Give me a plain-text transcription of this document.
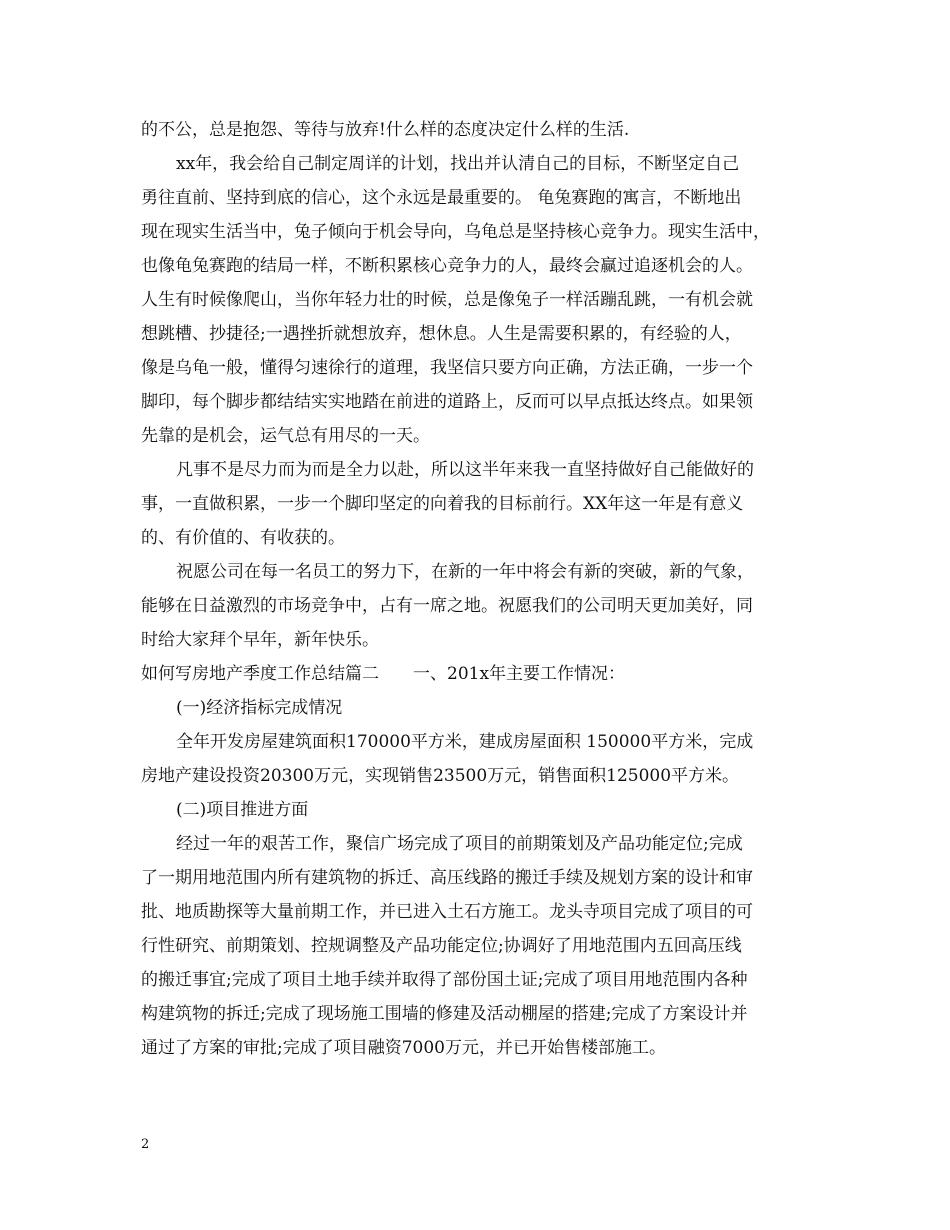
的不公，总是抱怨、等待与放弃!什么样的态度决定什么样的生活.
xx年，我会给自己制定周详的计划，找出并认清自己的目标，不断坚定自己
勇往直前、坚持到底的信心，这个永远是最重要的。 龟兔赛跑的寓言，不断地出
现在现实生活当中，兔子倾向于机会导向，乌龟总是坚持核心竞争力。现实生活中，
也像龟兔赛跑的结局一样，不断积累核心竞争力的人，最终会赢过追逐机会的人。
人生有时候像爬山，当你年轻力壮的时候，总是像兔子一样活蹦乱跳，一有机会就
想跳槽、抄捷径;一遇挫折就想放弃，想休息。人生是需要积累的，有经验的人，
像是乌龟一般，懂得匀速徐行的道理，我坚信只要方向正确，方法正确，一步一个
脚印，每个脚步都结结实实地踏在前进的道路上，反而可以早点抵达终点。如果领
先靠的是机会，运气总有用尽的一天。
凡事不是尽力而为而是全力以赴，所以这半年来我一直坚持做好自己能做好的
事，一直做积累，一步一个脚印坚定的向着我的目标前行。XX年这一年是有意义
的、有价值的、有收获的。
祝愿公司在每一名员工的努力下，在新的一年中将会有新的突破，新的气象，
能够在日益激烈的市场竞争中，占有一席之地。祝愿我们的公司明天更加美好，同
时给大家拜个早年，新年快乐。
如何写房地产季度工作总结篇二　　一、201x年主要工作情况：
(一)经济指标完成情况
全年开发房屋建筑面积170000平方米，建成房屋面积 150000平方米，完成
房地产建设投资20300万元，实现销售23500万元，销售面积125000平方米。
(二)项目推进方面
经过一年的艰苦工作，聚信广场完成了项目的前期策划及产品功能定位;完成
了一期用地范围内所有建筑物的拆迁、高压线路的搬迁手续及规划方案的设计和审
批、地质勘探等大量前期工作，并已进入土石方施工。龙头寺项目完成了项目的可
行性研究、前期策划、控规调整及产品功能定位;协调好了用地范围内五回高压线
的搬迁事宜;完成了项目土地手续并取得了部份国土证;完成了项目用地范围内各种
构建筑物的拆迁;完成了现场施工围墙的修建及活动棚屋的搭建;完成了方案设计并
通过了方案的审批;完成了项目融资7000万元，并已开始售楼部施工。
2
